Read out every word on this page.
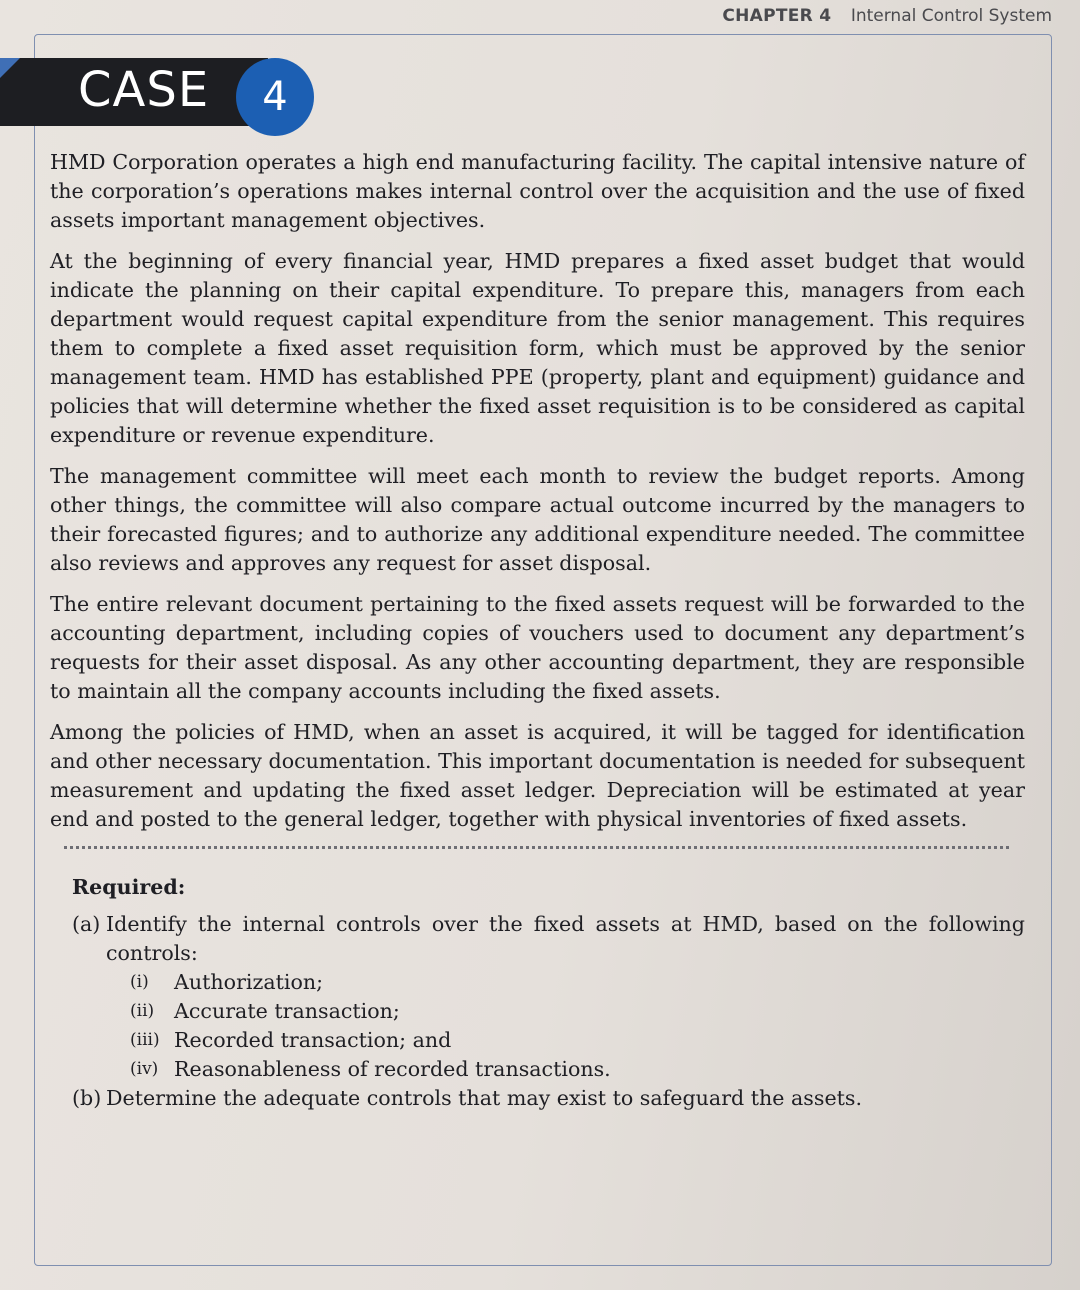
CHAPTER 4 Internal Control System
CASE	4

HMD Corporation operates a high end manufacturing facility. The capital intensive nature of the corporation’s operations makes internal control over the acquisition and the use of fixed assets important management objectives.

At the beginning of every financial year, HMD prepares a fixed asset budget that would indicate the planning on their capital expenditure. To prepare this, managers from each department would request capital expenditure from the senior management. This requires them to complete a fixed asset requisition form, which must be approved by the senior management team. HMD has established PPE (property, plant and equipment) guidance and policies that will determine whether the fixed asset requisition is to be considered as capital expenditure or revenue expenditure.

The management committee will meet each month to review the budget reports. Among other things, the committee will also compare actual outcome incurred by the managers to their forecasted figures; and to authorize any additional expenditure needed. The committee also reviews and approves any request for asset disposal.

The entire relevant document pertaining to the fixed assets request will be forwarded to the accounting department, including copies of vouchers used to document any department’s requests for their asset disposal. As any other accounting department, they are responsible to maintain all the company accounts including the fixed assets.

Among the policies of HMD, when an asset is acquired, it will be tagged for identification and other necessary documentation. This important documentation is needed for subsequent measurement and updating the fixed asset ledger. Depreciation will be estimated at year end and posted to the general ledger, together with physical inventories of fixed assets.

Required:
(a) Identify the internal controls over the fixed assets at HMD, based on the following controls:
(i)	Authorization;
(ii) Accurate transaction;
(iii) Recorded transaction; and
(iv) Reasonableness of recorded transactions.
(b) Determine the adequate controls that may exist to safeguard the assets.
